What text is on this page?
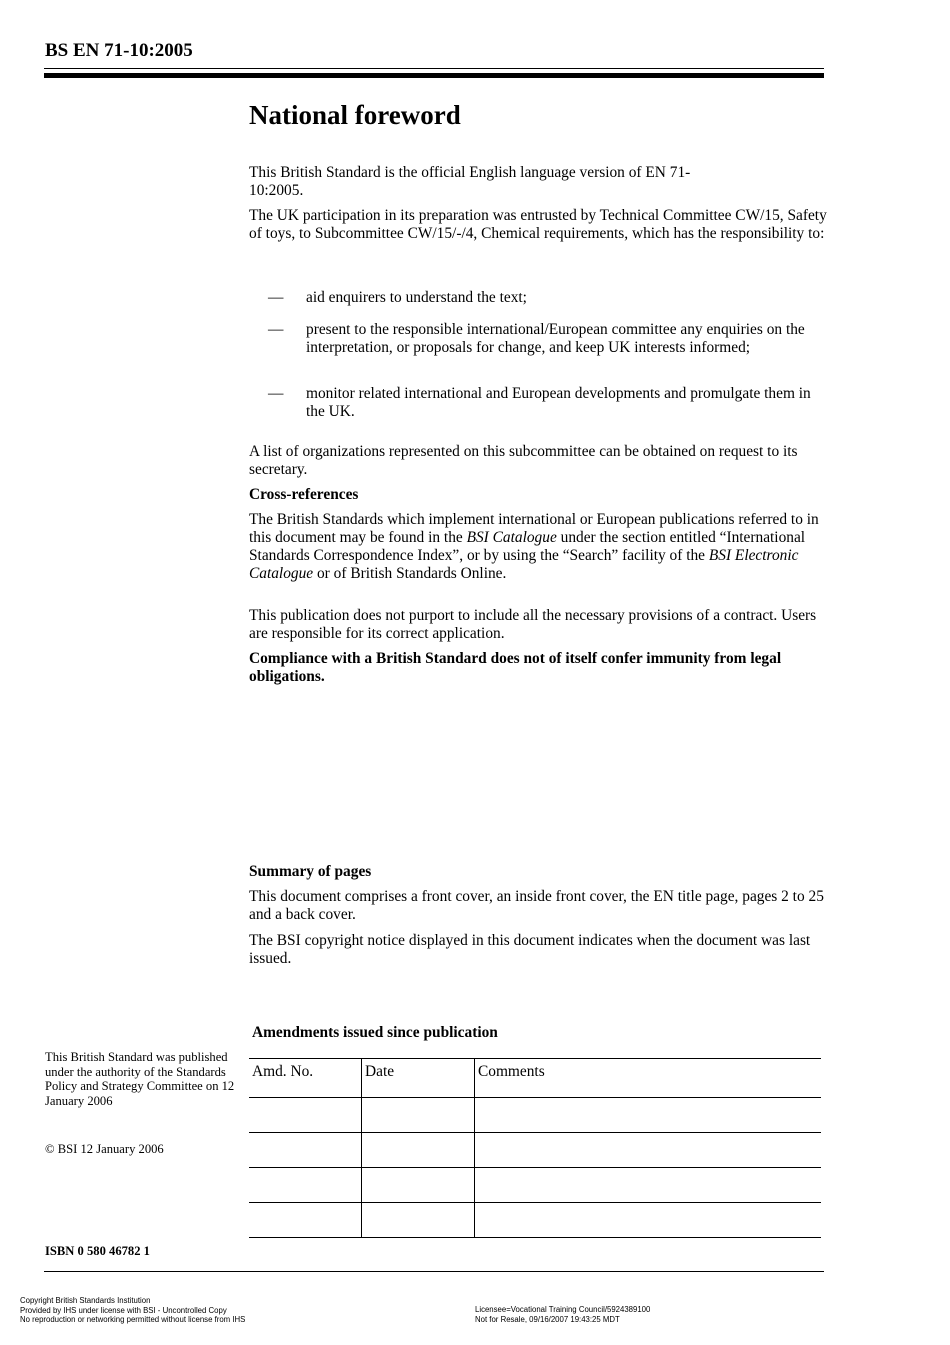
BS EN 71-10:2005
National foreword
This British Standard is the official English language version of EN 71-10:2005.
The UK participation in its preparation was entrusted by Technical Committee CW/15, Safety of toys, to Subcommittee CW/15/-/4, Chemical requirements, which has the responsibility to:
— aid enquirers to understand the text;
— present to the responsible international/European committee any enquiries on the interpretation, or proposals for change, and keep UK interests informed;
— monitor related international and European developments and promulgate them in the UK.
A list of organizations represented on this subcommittee can be obtained on request to its secretary.
Cross-references
The British Standards which implement international or European publications referred to in this document may be found in the BSI Catalogue under the section entitled “International Standards Correspondence Index”, or by using the “Search” facility of the BSI Electronic Catalogue or of British Standards Online.
This publication does not purport to include all the necessary provisions of a contract. Users are responsible for its correct application.
Compliance with a British Standard does not of itself confer immunity from legal obligations.
Summary of pages
This document comprises a front cover, an inside front cover, the EN title page, pages 2 to 25 and a back cover.
The BSI copyright notice displayed in this document indicates when the document was last issued.
This British Standard was published under the authority of the Standards Policy and Strategy Committee on 12 January 2006
© BSI 12 January 2006
ISBN 0 580 46782 1
Amendments issued since publication
Amd. No.	Date	Comments

Copyright British Standards Institution
Provided by IHS under license with BSI - Uncontrolled Copy
No reproduction or networking permitted without license from IHS
Licensee=Vocational Training Council/5924389100
Not for Resale, 09/16/2007 19:43:25 MDT
